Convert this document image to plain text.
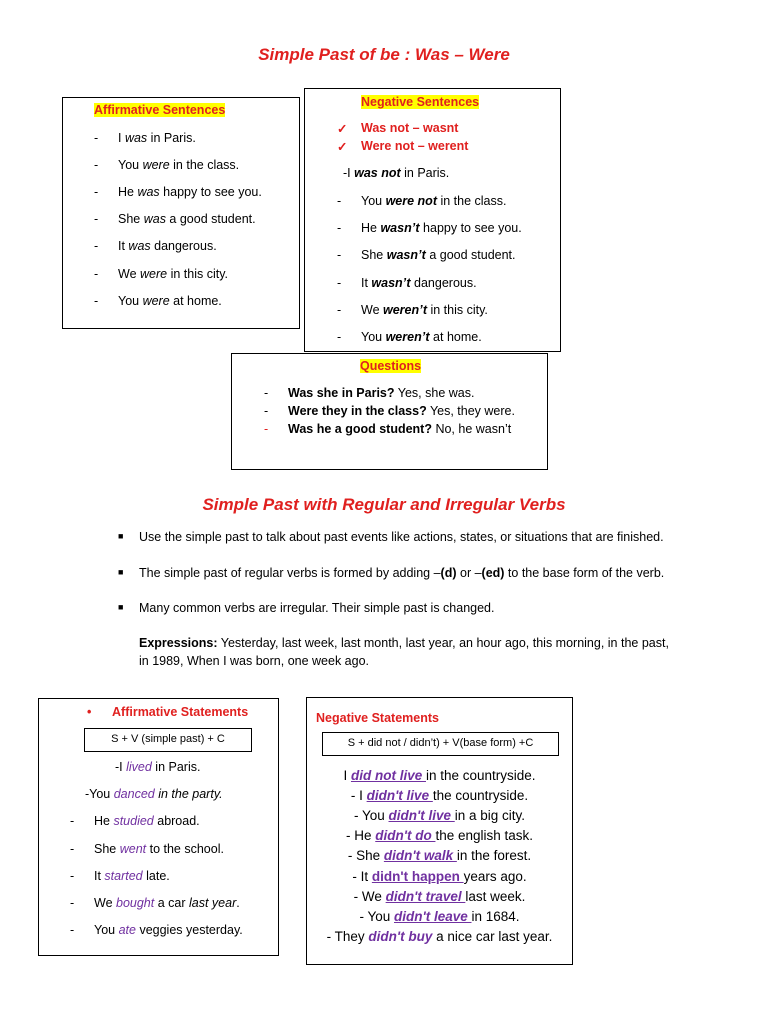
Simple Past of be : Was – Were
Affirmative Sentences
- I was in Paris.
- You were in the class.
- He was happy to see you.
- She was a good student.
- It was dangerous.
- We were in this city.
- You were at home.
Negative Sentences
✓ Was not – wasnt
✓ Were not – werent
-I was not in Paris.
- You were not in the class.
- He wasn’t happy to see you.
- She wasn’t a good student.
- It wasn’t dangerous.
- We weren’t in this city.
- You weren’t at home.
Questions
- Was she in Paris? Yes, she was.
- Were they in the class? Yes, they were.
- Was he a good student? No, he wasn’t
Simple Past with Regular and Irregular Verbs
■ Use the simple past to talk about past events like actions, states, or situations that are finished.
■ The simple past of regular verbs is formed by adding –(d) or –(ed) to the base form of the verb.
■ Many common verbs are irregular. Their simple past is changed.
Expressions: Yesterday, last week, last month, last year, an hour ago, this morning, in the past, in 1989, When I was born, one week ago.
• Affirmative Statements
S + V (simple past) + C
-I lived in Paris.
-You danced in the party.
- He studied abroad.
- She went to the school.
- It started late.
- We bought a car last year.
- You ate veggies yesterday.
Negative Statements
S + did not / didn’t) + V(base form) +C
I did not live in the countryside.
- I didn't live the countryside.
- You didn't live in a big city.
- He didn't do the english task.
- She didn't walk in the forest.
- It didn't happen years ago.
- We didn't travel last week.
- You didn't leave in 1684.
- They didn't buy a nice car last year.
